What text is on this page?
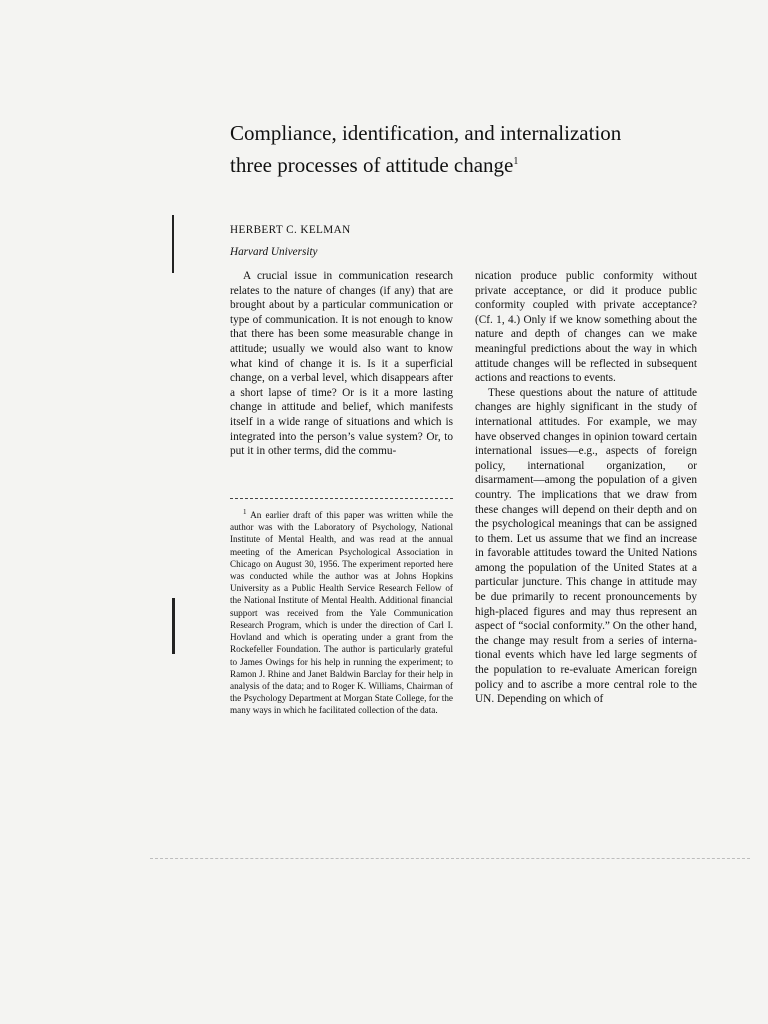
Compliance, identification, and internalization
three processes of attitude change$^1$
HERBERT C. KELMAN
Harvard University

A crucial issue in communication research relates to the nature of changes (if any) that are brought about by a particular communication or type of communication. It is not enough to know that there has been some measurable change in attitude; usually we would also want to know what kind of change it is. Is it a superficial change, on a verbal level, which disappears after a short lapse of time? Or is it a more lasting change in attitude and belief, which manifests itself in a wide range of situations and which is integrated into the person’s value system? Or, to put it in other terms, did the commu-

$^1$ An earlier draft of this paper was written while the author was with the Laboratory of Psychology, National Institute of Mental Health, and was read at the annual meeting of the American Psychological Association in Chicago on August 30, 1956. The experiment reported here was conducted while the author was at Johns Hopkins University as a Public Health Service Research Fellow of the National Institute of Mental Health. Additional financial support was received from the Yale Communication Research Program, which is under the direction of Carl I. Hovland and which is operating under a grant from the Rockefeller Foundation. The author is particularly grateful to James Owings for his help in running the experiment; to Ramon J. Rhine and Janet Baldwin Barclay for their help in analysis of the data; and to Roger K. Williams, Chairman of the Psychology Department at Morgan State College, for the many ways in which he facilitated collection of the data.

nication produce public conformity without private acceptance, or did it produce public conformity coupled with private acceptance? (Cf. 1, 4.) Only if we know something about the nature and depth of changes can we make meaningful predictions about the way in which attitude changes will be reflected in subsequent actions and reactions to events.

These questions about the nature of attitude changes are highly significant in the study of international attitudes. For example, we may have observed changes in opinion toward certain international issues—e.g., aspects of foreign policy, international organization, or disarmament—among the population of a given country. The implications that we draw from these changes will depend on their depth and on the psychological meanings that can be assigned to them. Let us assume that we find an increase in favorable attitudes toward the United Nations among the population of the United States at a particular juncture. This change in attitude may be due primarily to recent pronouncements by high-placed figures and may thus represent an aspect of “social conformity.” On the other hand, the change may result from a series of international events which have led large segments of the population to re-evaluate American foreign policy and to ascribe a more central role to the UN. Depending on which of
